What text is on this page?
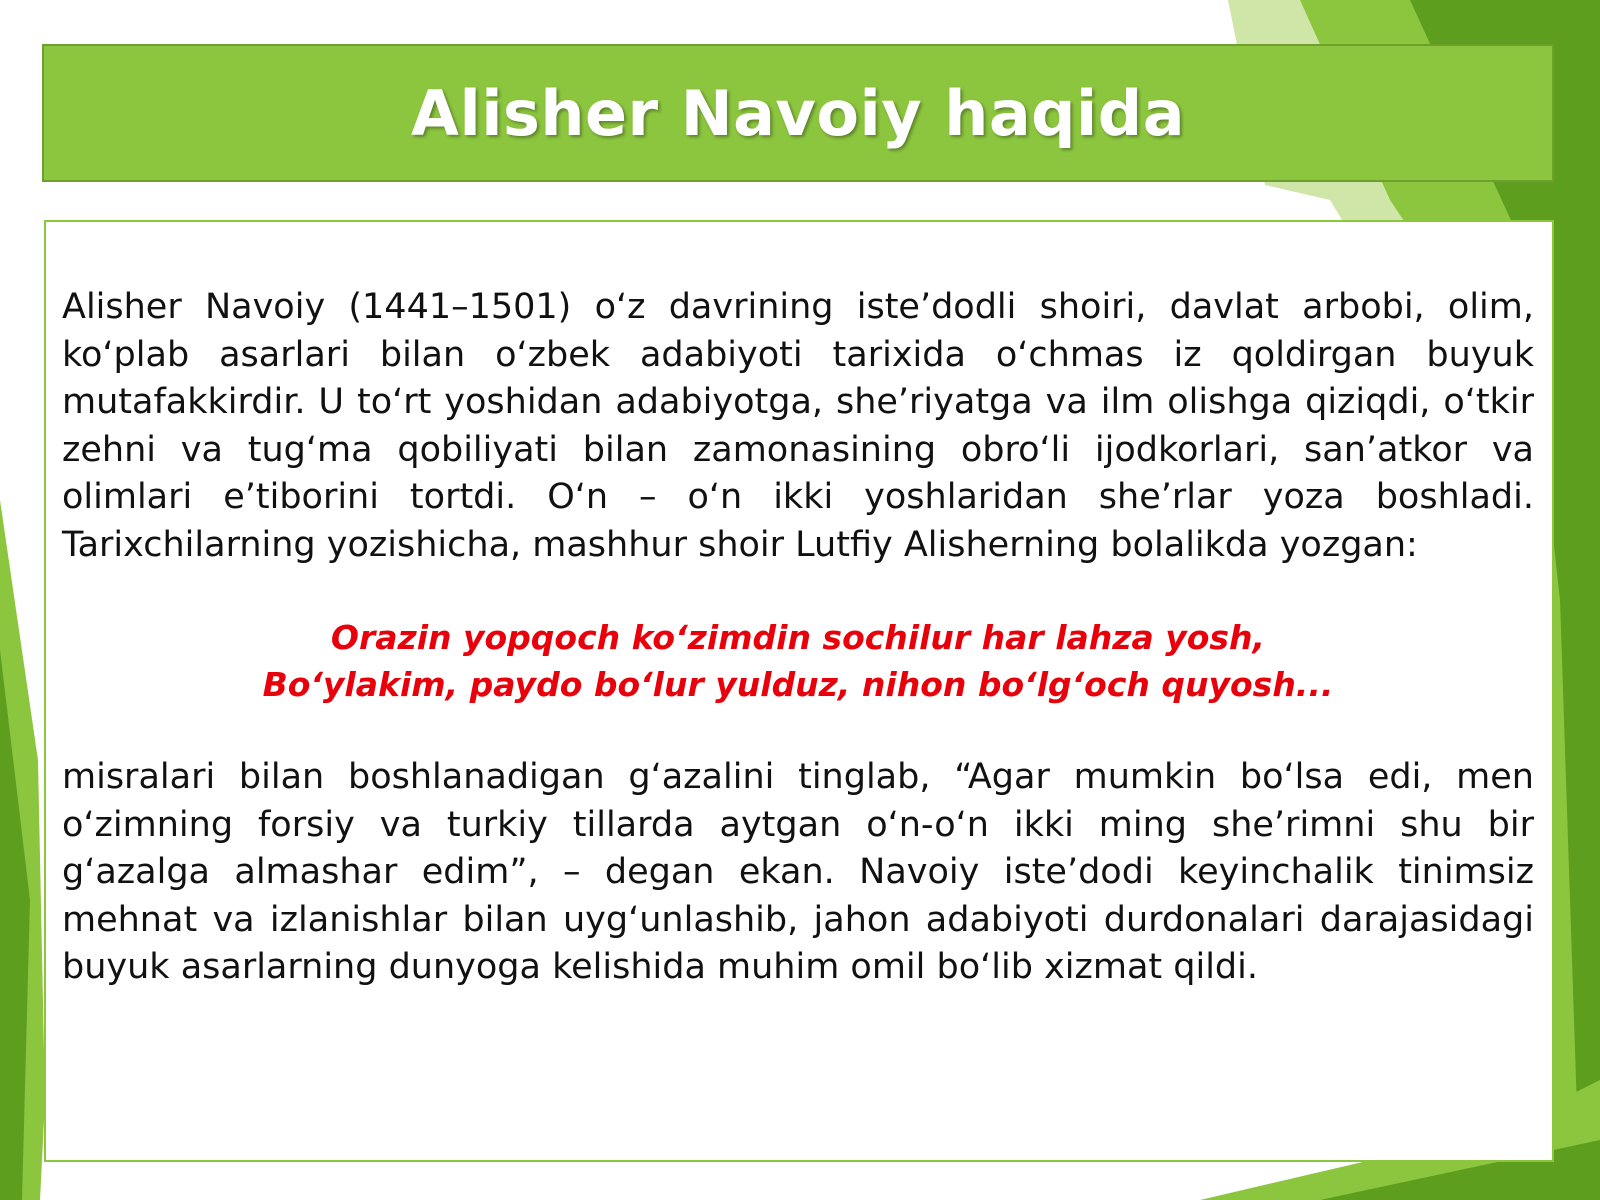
Alisher Navoiy haqida

Alisher Navoiy (1441–1501) oʻz davrining isteʼdodli shoiri, davlat arbobi, olim, koʻplab asarlari bilan oʻzbek adabiyoti tarixida oʻchmas iz qoldirgan buyuk mutafakkirdir. U toʻrt yoshidan adabiyotga, sheʼriyatga va ilm olishga qiziqdi, oʻtkir zehni va tugʻma qobiliyati bilan zamonasining obroʻli ijodkorlari, sanʼatkor va olimlari eʼtiborini tortdi. Oʻn – oʻn ikki yoshlaridan sheʼrlar yoza boshladi. Tarixchilarning yozishicha, mashhur shoir Lutfiy Alisherning bolalikda yozgan:

Orazin yopqoch koʻzimdin sochilur har lahza yosh,
Boʻylakim, paydo boʻlur yulduz, nihon boʻlgʻoch quyosh...

misralari bilan boshlanadigan gʻazalini tinglab, “Agar mumkin boʻlsa edi, men oʻzimning forsiy va turkiy tillarda aytgan oʻn-oʻn ikki ming sheʼrimni shu bir gʻazalga almashar edim”, – degan ekan. Navoiy isteʼdodi keyinchalik tinimsiz mehnat va izlanishlar bilan uygʻunlashib, jahon adabiyoti durdonalari darajasidagi buyuk asarlarning dunyoga kelishida muhim omil boʻlib xizmat qildi.
